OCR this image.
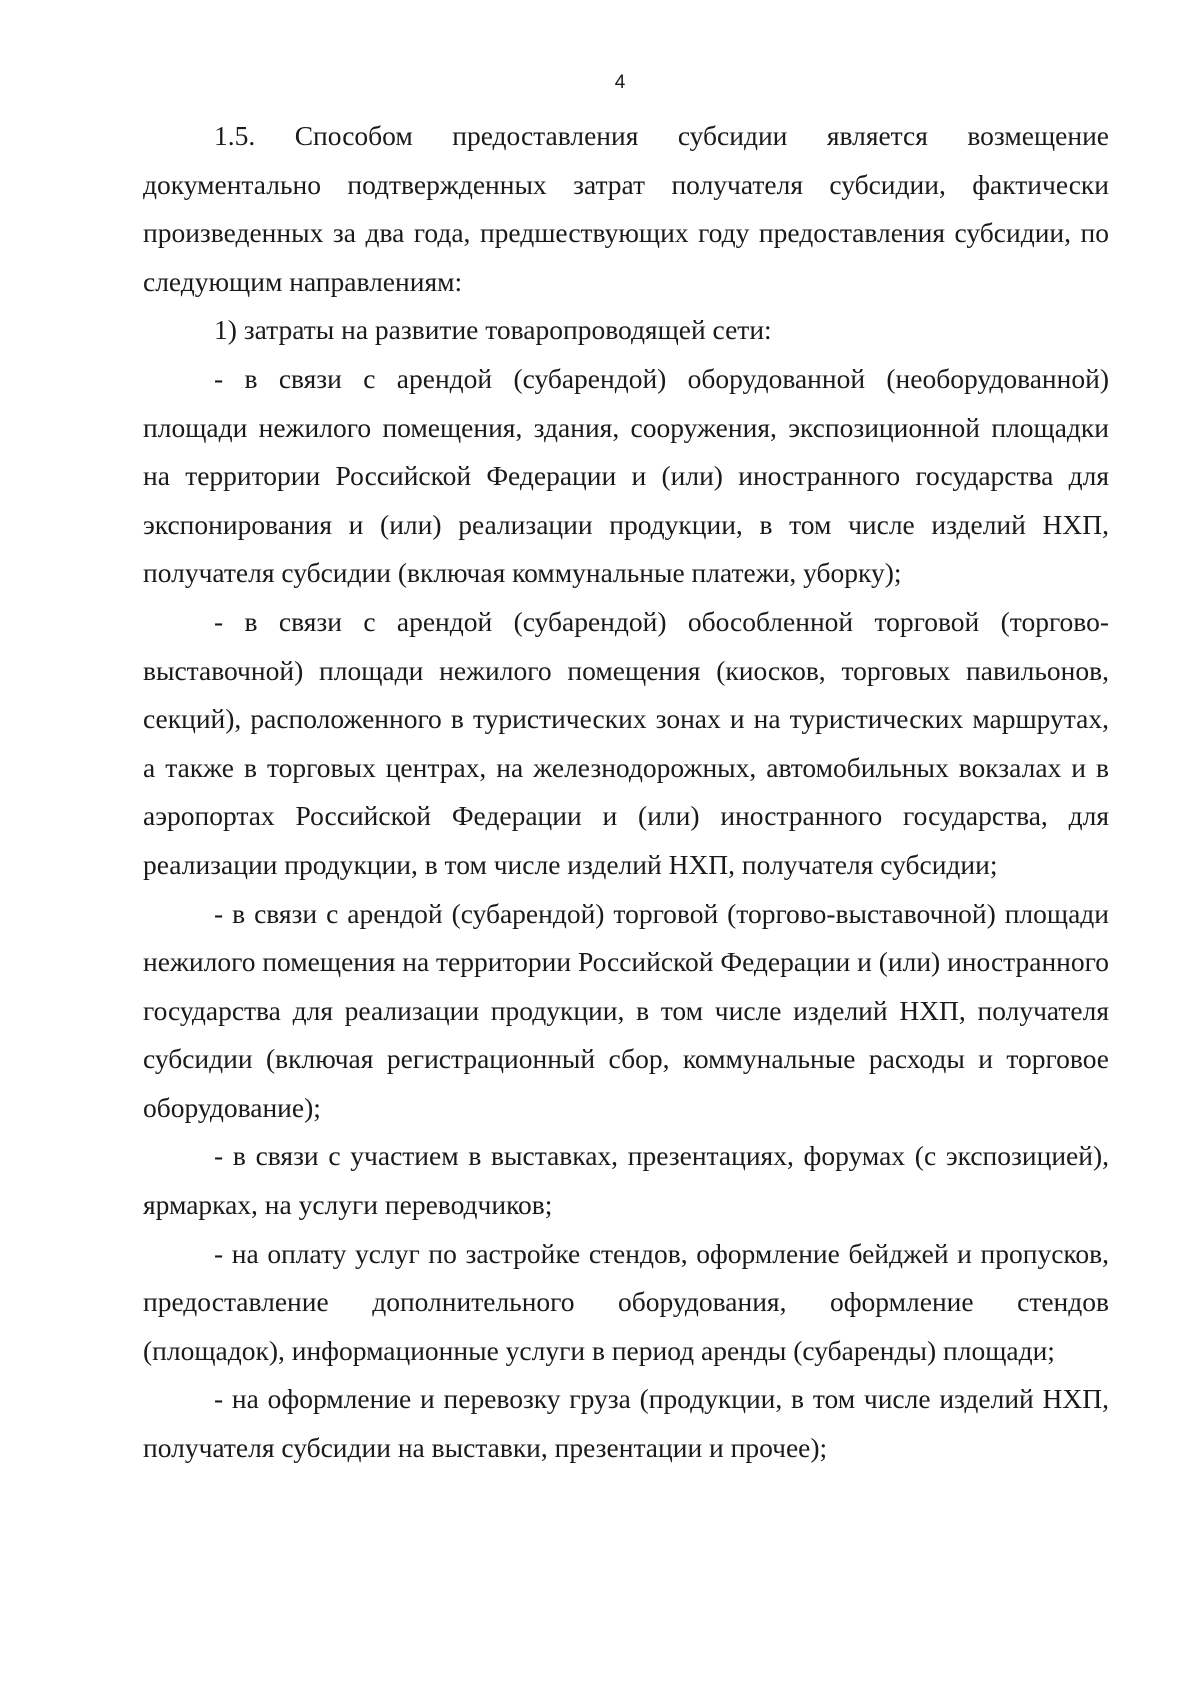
4

1.5. Способом предоставления субсидии является возмещение документально подтвержденных затрат получателя субсидии, фактически произведенных за два года, предшествующих году предоставления субсидии, по следующим направлениям:

1) затраты на развитие товаропроводящей сети:

- в связи с арендой (субарендой) оборудованной (необорудованной) площади нежилого помещения, здания, сооружения, экспозиционной площадки на территории Российской Федерации и (или) иностранного государства для экспонирования и (или) реализации продукции, в том числе изделий НХП, получателя субсидии (включая коммунальные платежи, уборку);

- в связи с арендой (субарендой) обособленной торговой (торгово-выставочной) площади нежилого помещения (киосков, торговых павильонов, секций), расположенного в туристических зонах и на туристических маршрутах, а также в торговых центрах, на железнодорожных, автомобильных вокзалах и в аэропортах Российской Федерации и (или) иностранного государства, для реализации продукции, в том числе изделий НХП, получателя субсидии;

- в связи с арендой (субарендой) торговой (торгово-выставочной) площади нежилого помещения на территории Российской Федерации и (или) иностранного государства для реализации продукции, в том числе изделий НХП, получателя субсидии (включая регистрационный сбор, коммунальные расходы и торговое оборудование);

- в связи с участием в выставках, презентациях, форумах (с экспозицией), ярмарках, на услуги переводчиков;

- на оплату услуг по застройке стендов, оформление бейджей и пропусков, предоставление дополнительного оборудования, оформление стендов (площадок), информационные услуги в период аренды (субаренды) площади;

- на оформление и перевозку груза (продукции, в том числе изделий НХП, получателя субсидии на выставки, презентации и прочее);
